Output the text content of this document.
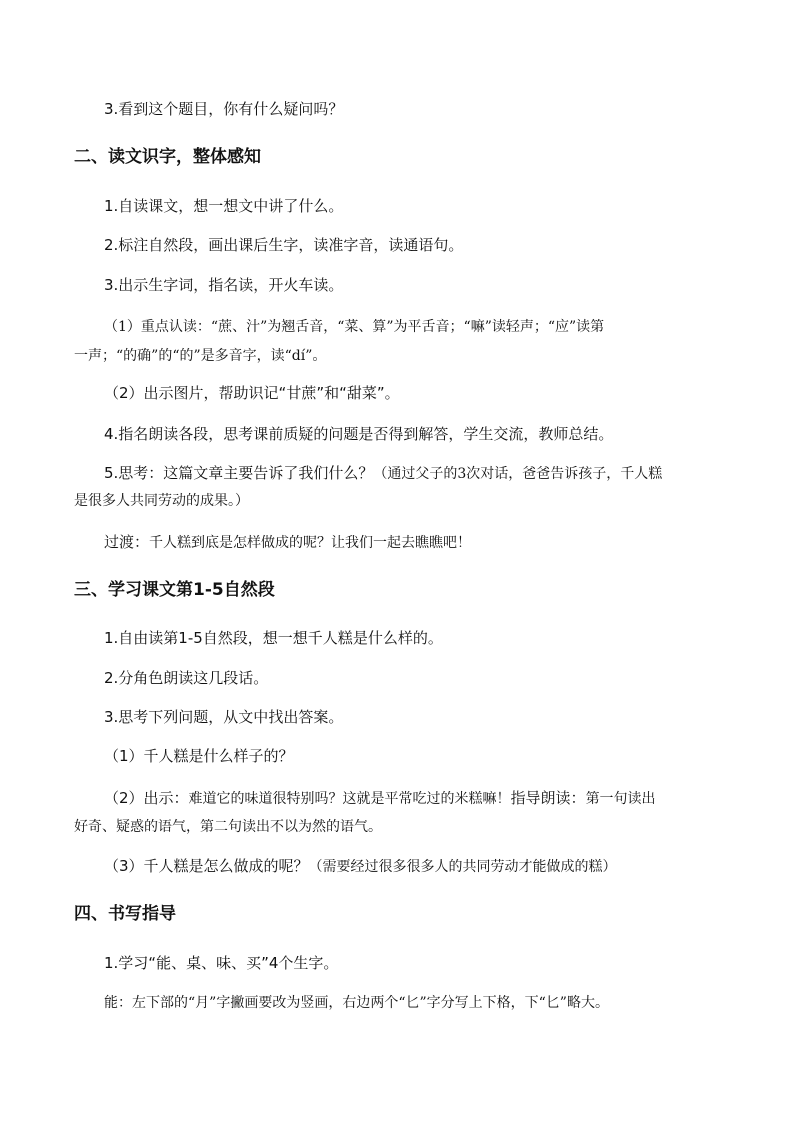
3.看到这个题目，你有什么疑问吗？
二、读文识字，整体感知
1.自读课文，想一想文中讲了什么。
2.标注自然段，画出课后生字，读准字音，读通语句。
3.出示生字词，指名读，开火车读。
（1）重点认读：“蔗、汁”为翘舌音，“菜、算”为平舌音；“嘛”读轻声；“应”读第
一声；“的确”的“的”是多音字，读“dí”。
（2）出示图片，帮助识记“甘蔗”和“甜菜”。
4.指名朗读各段，思考课前质疑的问题是否得到解答，学生交流，教师总结。
5.思考：这篇文章主要告诉了我们什么？（通过父子的3次对话，爸爸告诉孩子，千人糕
是很多人共同劳动的成果。）
过渡：千人糕到底是怎样做成的呢？让我们一起去瞧瞧吧！
三、学习课文第1-5自然段
1.自由读第1-5自然段，想一想千人糕是什么样的。
2.分角色朗读这几段话。
3.思考下列问题，从文中找出答案。
（1）千人糕是什么样子的？
（2）出示：难道它的味道很特别吗？这就是平常吃过的米糕嘛！指导朗读：第一句读出
好奇、疑惑的语气，第二句读出不以为然的语气。
（3）千人糕是怎么做成的呢？（需要经过很多很多人的共同劳动才能做成的糕）
四、书写指导
1.学习“能、桌、味、买”4个生字。
能：左下部的“月”字撇画要改为竖画，右边两个“匕”字分写上下格，下“匕”略大。
